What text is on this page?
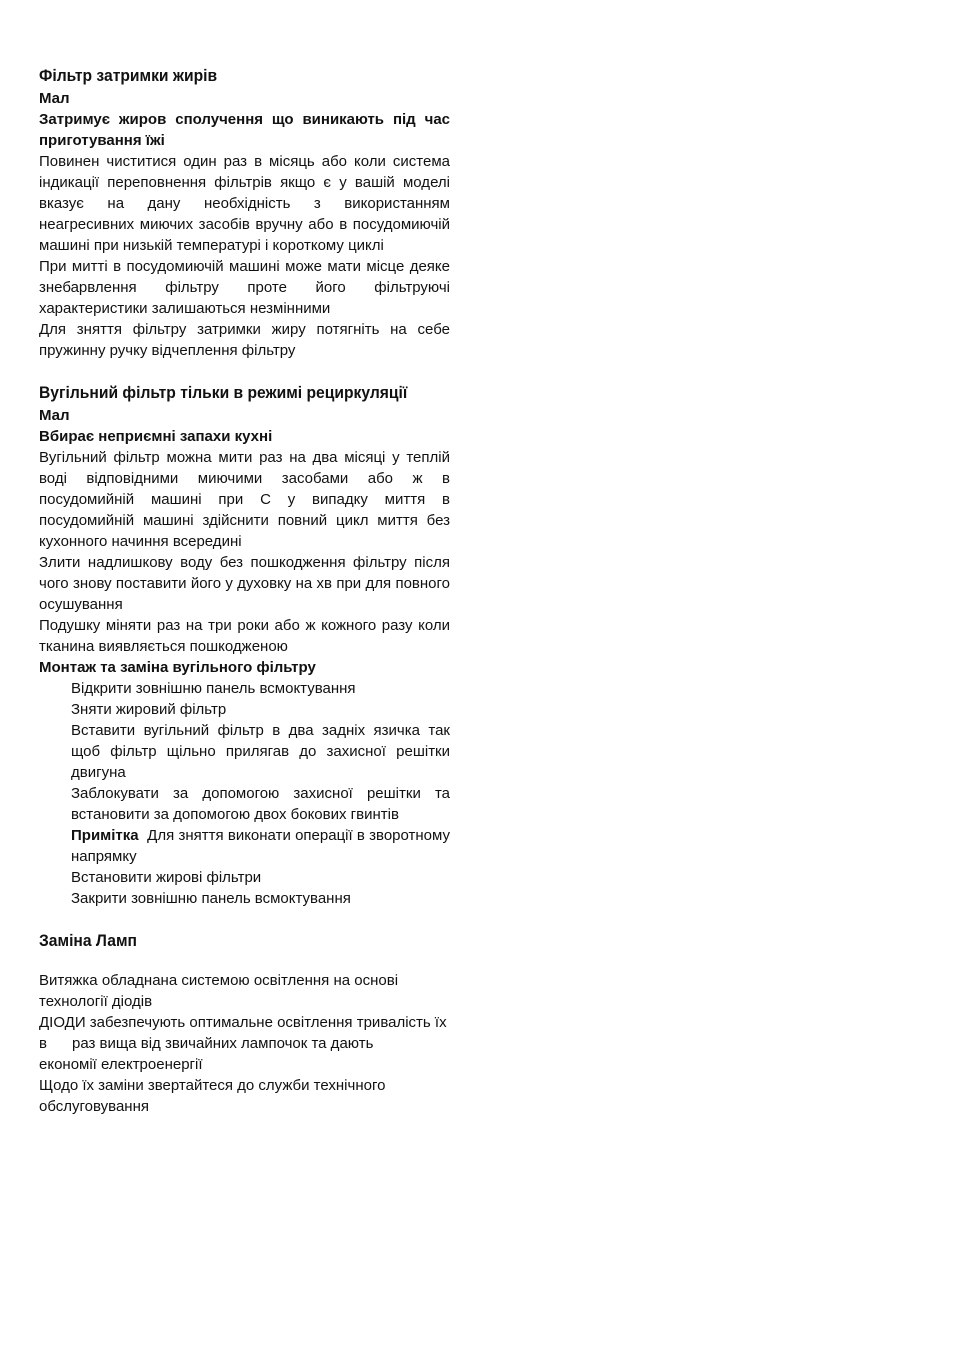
Фільтр затримки жирів
Мал
Затримує жиров сполучення що виникають під час приготування їжі
Повинен чиститися один раз в місяць або коли система індикації переповнення фільтрів якщо є у вашій моделі вказує на дану необхідність з використанням неагресивних миючих засобів вручну або в посудомиючій машині при низькій температурі і короткому циклі
При митті в посудомиючій машині може мати місце деяке знебарвлення фільтру проте його фільтруючі характеристики залишаються незмінними
Для зняття фільтру затримки жиру потягніть на себе пружинну ручку відчеплення фільтру
Вугільний фільтр тільки в режимі рециркуляції
Мал
Вбирає неприємні запахи кухні
Вугільний фільтр можна мити раз на два місяці у теплій воді відповідними миючими засобами або ж в посудомийній машині при С у випадку миття в посудомийній машині здійснити повний цикл миття без кухонного начиння всередині
Злити надлишкову воду без пошкодження фільтру після чого знову поставити його у духовку на хв при для повного осушування
Подушку міняти раз на три роки або ж кожного разу коли тканина виявляється пошкодженою
Монтаж та заміна вугільного фільтру
Відкрити зовнішню панель всмоктування
Зняти жировий фільтр
Вставити вугільний фільтр в два задніх язичка так щоб фільтр щільно прилягав до захисної решітки двигуна
Заблокувати за допомогою захисної решітки та встановити за допомогою двох бокових гвинтів
Примітка Для зняття виконати операції в зворотному напрямку
Встановити жирові фільтри
Закрити зовнішню панель всмоктування
Заміна Ламп
Витяжка обладнана системою освітлення на основі
технології діодів
ДІОДИ забезпечують оптимальне освітлення тривалість їх
в      раз вища від звичайних лампочок та дають
економії електроенергії
Щодо їх заміни звертайтеся до служби технічного
обслуговування
